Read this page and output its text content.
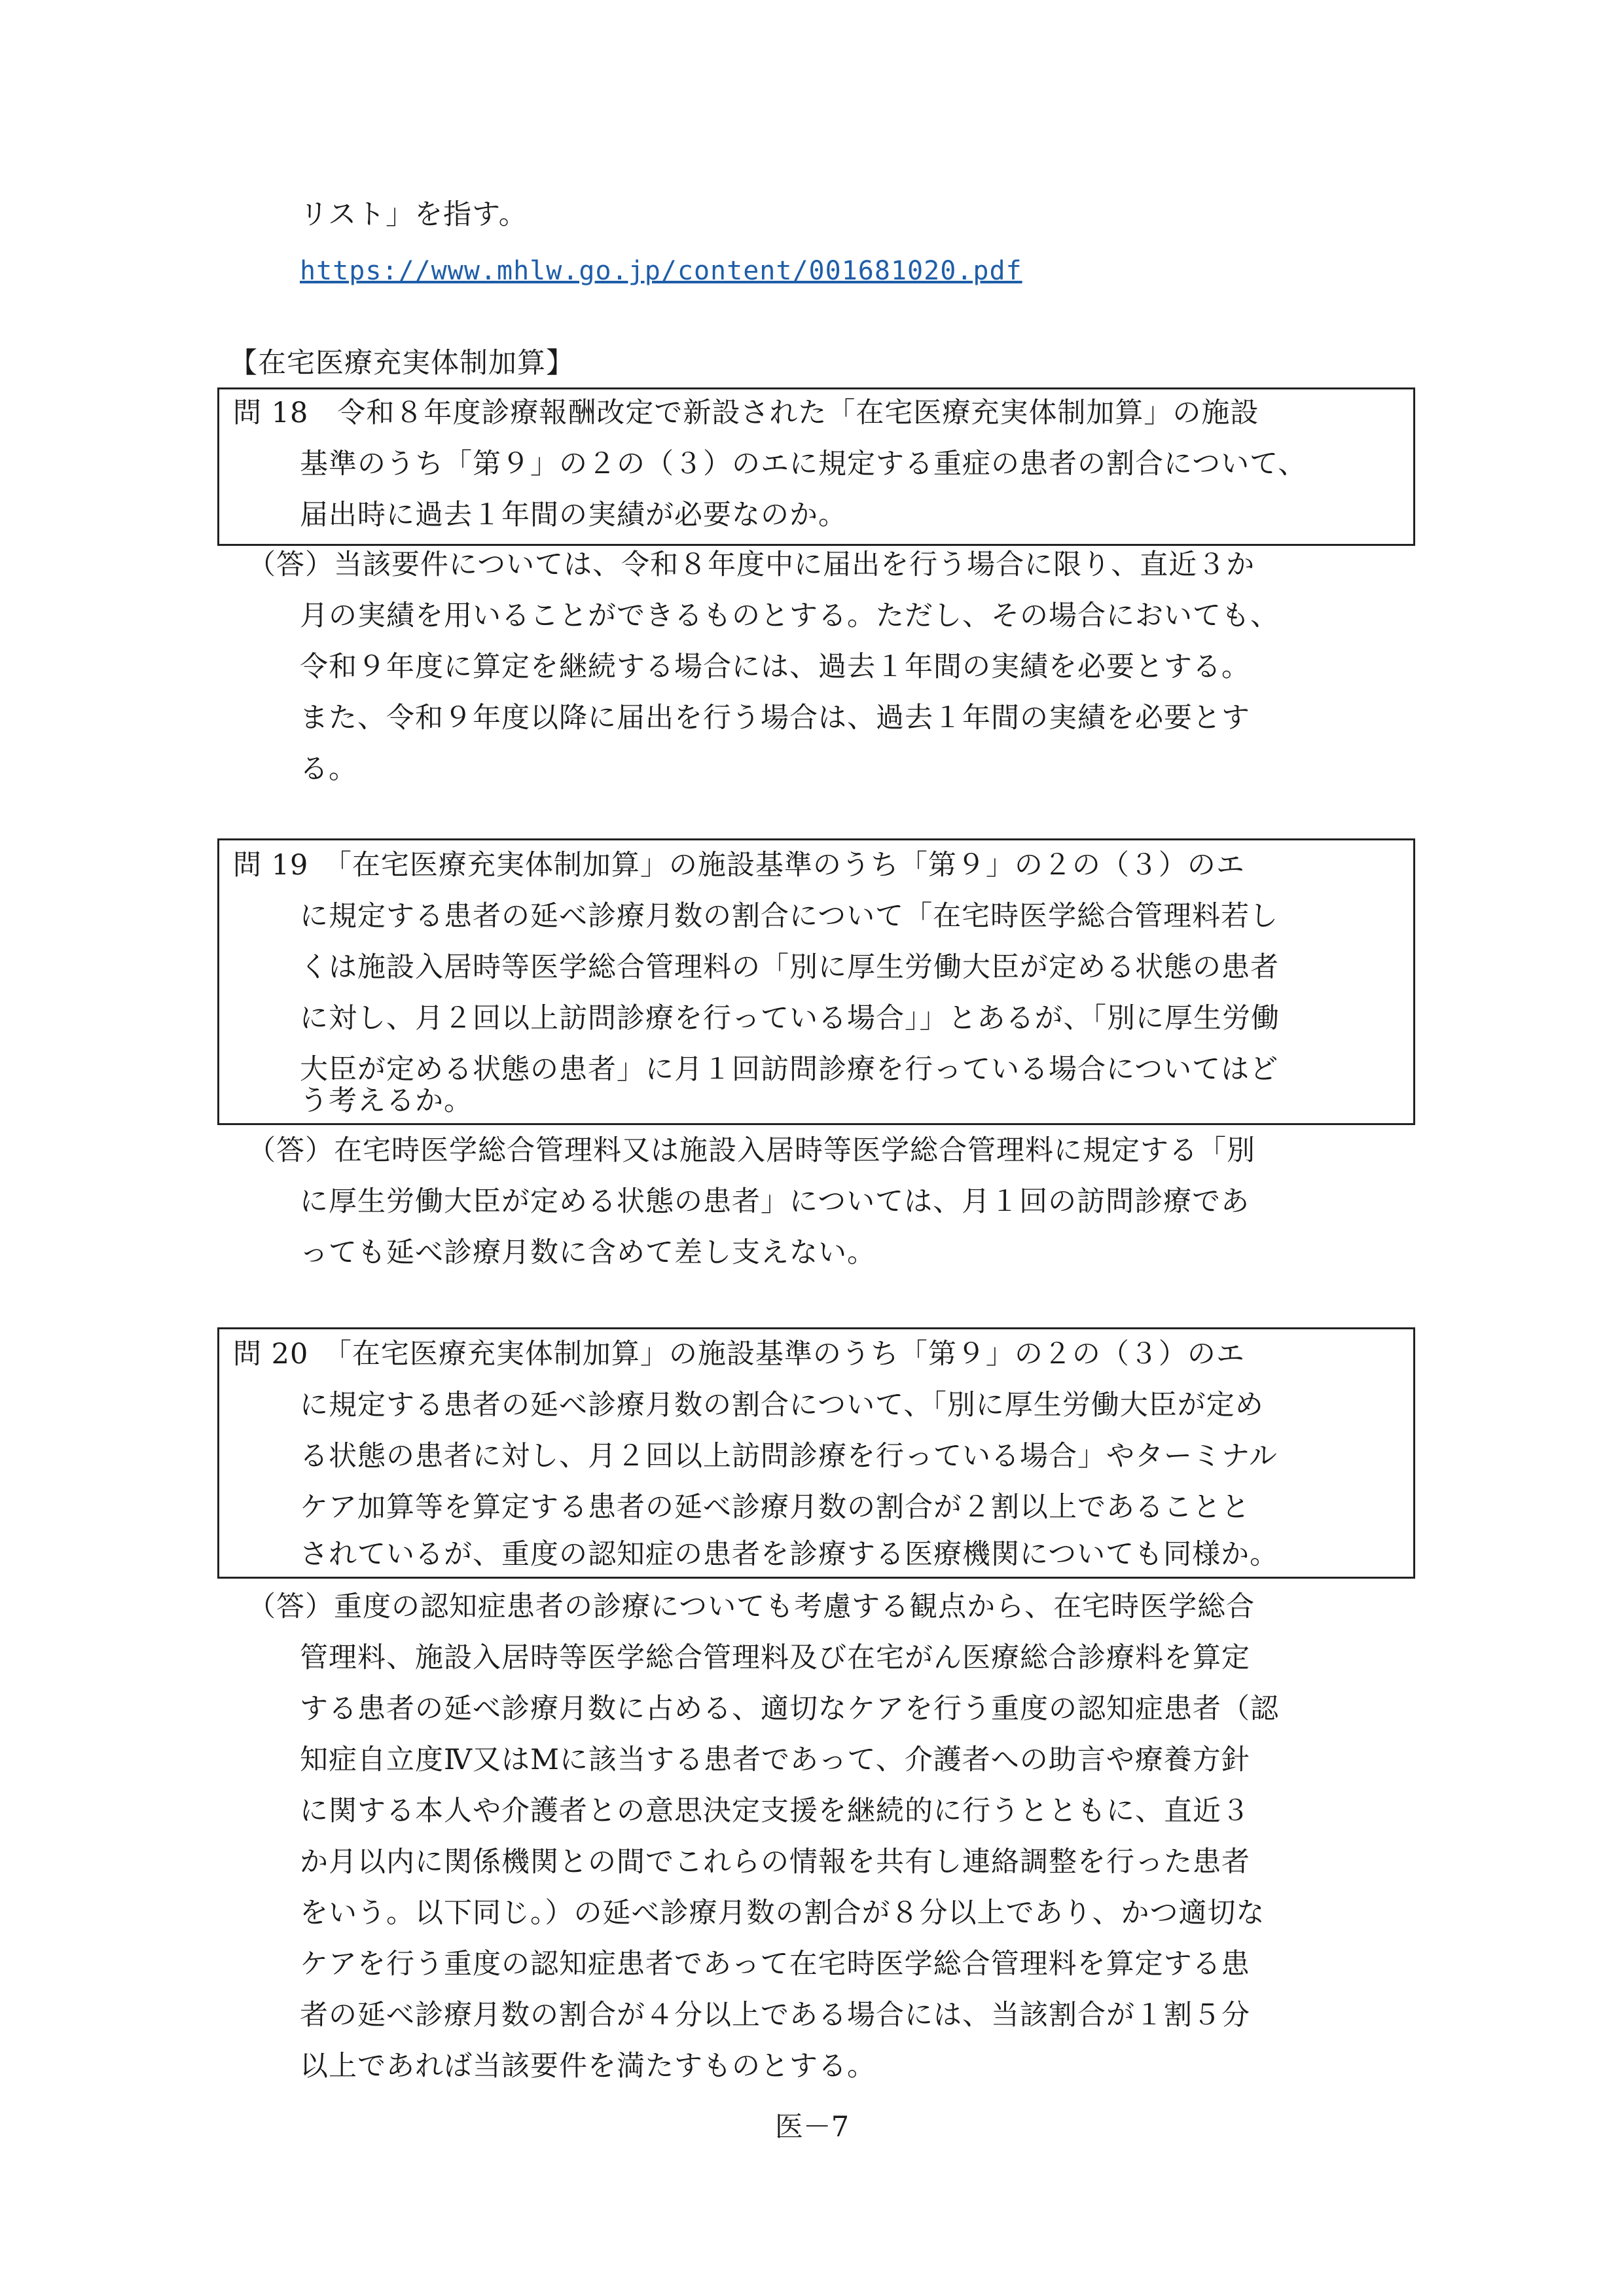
リスト」を指す。
https://www.mhlw.go.jp/content/001681020.pdf
【在宅医療充実体制加算】
問 18　令和８年度診療報酬改定で新設された「在宅医療充実体制加算」の施設
基準のうち「第９」の２の（３）のエに規定する重症の患者の割合について、
届出時に過去１年間の実績が必要なのか。
（答）当該要件については、令和８年度中に届出を行う場合に限り、直近３か
月の実績を用いることができるものとする。ただし、その場合においても、
令和９年度に算定を継続する場合には、過去１年間の実績を必要とする。
また、令和９年度以降に届出を行う場合は、過去１年間の実績を必要とす
る。
問 19　「在宅医療充実体制加算」の施設基準のうち「第９」の２の（３）のエ
に規定する患者の延べ診療月数の割合について「在宅時医学総合管理料若し
くは施設入居時等医学総合管理料の「別に厚生労働大臣が定める状態の患者
に対し、月２回以上訪問診療を行っている場合」」とあるが、「別に厚生労働
大臣が定める状態の患者」に月１回訪問診療を行っている場合についてはど
う考えるか。
（答）在宅時医学総合管理料又は施設入居時等医学総合管理料に規定する「別
に厚生労働大臣が定める状態の患者」については、月１回の訪問診療であ
っても延べ診療月数に含めて差し支えない。
問 20　「在宅医療充実体制加算」の施設基準のうち「第９」の２の（３）のエ
に規定する患者の延べ診療月数の割合について、「別に厚生労働大臣が定め
る状態の患者に対し、月２回以上訪問診療を行っている場合」やターミナル
ケア加算等を算定する患者の延べ診療月数の割合が２割以上であることと
されているが、重度の認知症の患者を診療する医療機関についても同様か。
（答）重度の認知症患者の診療についても考慮する観点から、在宅時医学総合
管理料、施設入居時等医学総合管理料及び在宅がん医療総合診療料を算定
する患者の延べ診療月数に占める、適切なケアを行う重度の認知症患者（認
知症自立度Ⅳ又はMに該当する患者であって、介護者への助言や療養方針
に関する本人や介護者との意思決定支援を継続的に行うとともに、直近３
か月以内に関係機関との間でこれらの情報を共有し連絡調整を行った患者
をいう。以下同じ。）の延べ診療月数の割合が８分以上であり、かつ適切な
ケアを行う重度の認知症患者であって在宅時医学総合管理料を算定する患
者の延べ診療月数の割合が４分以上である場合には、当該割合が１割５分
以上であれば当該要件を満たすものとする。
医－7
